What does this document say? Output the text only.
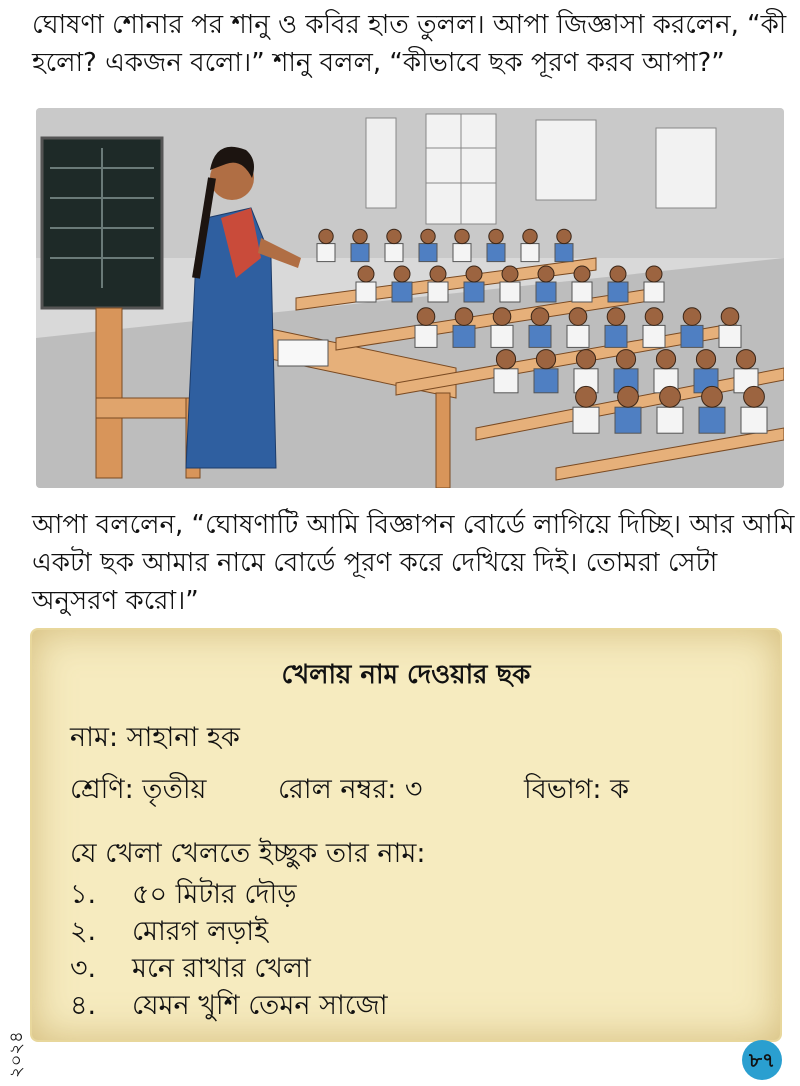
ঘোষণা শোনার পর শানু ও কবির হাত তুলল। আপা জিজ্ঞাসা করলেন, “কী
হলো? একজন বলো।” শানু বলল, “কীভাবে ছক পূরণ করব আপা?”

আপা বললেন, “ঘোষণাটি আমি বিজ্ঞাপন বোর্ডে লাগিয়ে দিচ্ছি। আর আমি
একটা ছক আমার নামে বোর্ডে পূরণ করে দেখিয়ে দিই। তোমরা সেটা
অনুসরণ করো।”

খেলায় নাম দেওয়ার ছক
নাম: সাহানা হক
শ্রেণি: তৃতীয়	রোল নম্বর: ৩	বিভাগ: ক
যে খেলা খেলতে ইচ্ছুক তার নাম:
১.	৫০ মিটার দৌড়
২.	মোরগ লড়াই
৩.	মনে রাখার খেলা
৪.	যেমন খুশি তেমন সাজো
২০২৪	৮৭
